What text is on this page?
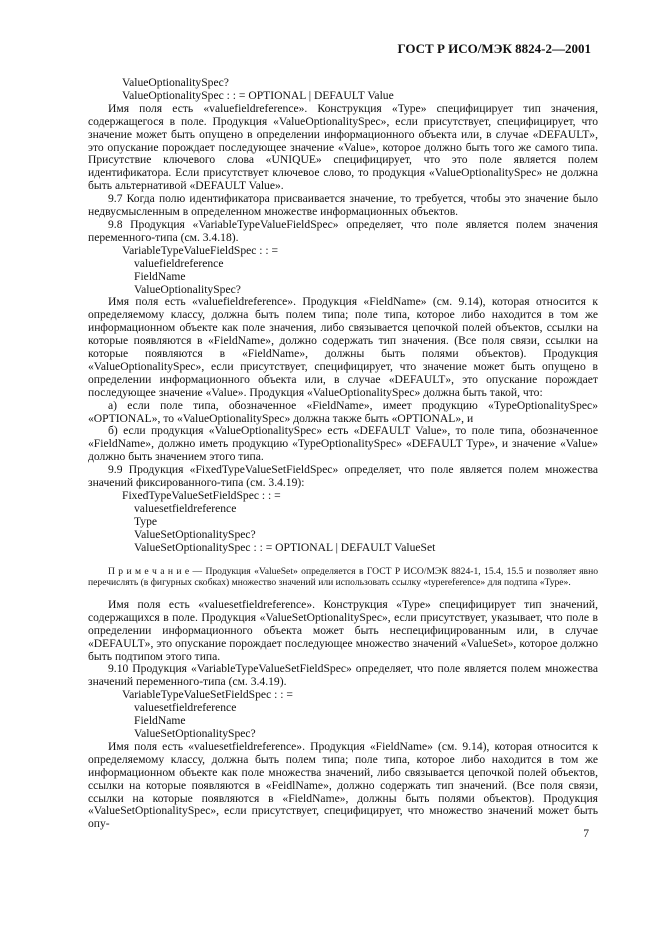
ГОСТ Р ИСО/МЭК 8824-2—2001

ValueOptionalitySpec?

ValueOptionalitySpec : : = OPTIONAL | DEFAULT Value

Имя поля есть «valuefieldreference». Конструкция «Type» специфицирует тип значения, содержащегося в поле. Продукция «ValueOptionalitySpec», если присутствует, специфицирует, что значение может быть опущено в определении информационного объекта или, в случае «DEFAULT», это опускание порождает последующее значение «Value», которое должно быть того же самого типа. Присутствие ключевого слова «UNIQUE» специфицирует, что это поле является полем идентификатора. Если присутствует ключевое слово, то продукция «ValueOptionalitySpec» не должна быть альтернативой «DEFAULT Value».

9.7 Когда полю идентификатора присваивается значение, то требуется, чтобы это значение было недвусмысленным в определенном множестве информационных объектов.

9.8 Продукция «VariableTypeValueFieldSpec» определяет, что поле является полем значения переменного-типа (см. 3.4.18).

VariableTypeValueFieldSpec : : =

valuefieldreference

FieldName

ValueOptionalitySpec?

Имя поля есть «valuefieldreference». Продукция «FieldName» (см. 9.14), которая относится к определяемому классу, должна быть полем типа; поле типа, которое либо находится в том же информационном объекте как поле значения, либо связывается цепочкой полей объектов, ссылки на которые появляются в «FieldName», должно содержать тип значения. (Все поля связи, ссылки на которые появляются в «FieldName», должны быть полями объектов). Продукция «ValueOptionalitySpec», если присутствует, специфицирует, что значение может быть опущено в определении информационного объекта или, в случае «DEFAULT», это опускание порождает последующее значение «Value». Продукция «ValueOptionalitySpec» должна быть такой, что:

а) если поле типа, обозначенное «FieldName», имеет продукцию «TypeOptionalitySpec» «OPTIONAL», то «ValueOptionalitySpec» должна также быть «OPTIONAL», и

б) если продукция «ValueOptionalitySpec» есть «DEFAULT Value», то поле типа, обозначенное «FieldName», должно иметь продукцию «TypeOptionalitySpec» «DEFAULT Type», и значение «Value» должно быть значением этого типа.

9.9 Продукция «FixedTypeValueSetFieldSpec» определяет, что поле является полем множества значений фиксированного-типа (см. 3.4.19):

FixedTypeValueSetFieldSpec : : =

valuesetfieldreference

Type

ValueSetOptionalitySpec?

ValueSetOptionalitySpec : : = OPTIONAL | DEFAULT ValueSet

П р и м е ч а н и е — Продукция «ValueSet» определяется в ГОСТ Р ИСО/МЭК 8824-1, 15.4, 15.5 и позволяет явно перечислять (в фигурных скобках) множество значений или использовать ссылку «typereference» для подтипа «Type».

Имя поля есть «valuesetfieldreference». Конструкция «Type» специфицирует тип значений, содержащихся в поле. Продукция «ValueSetOptionalitySpec», если присутствует, указывает, что поле в определении информационного объекта может быть неспецифицированным или, в случае «DEFAULT», это опускание порождает последующее множество значений «ValueSet», которое должно быть подтипом этого типа.

9.10 Продукция «VariableTypeValueSetFieldSpec» определяет, что поле является полем множества значений переменного-типа (см. 3.4.19).

VariableTypeValueSetFieldSpec : : =

valuesetfieldreference

FieldName

ValueSetOptionalitySpec?

Имя поля есть «valuesetfieldreference». Продукция «FieldName» (см. 9.14), которая относится к определяемому классу, должна быть полем типа; поле типа, которое либо находится в том же информационном объекте как поле множества значений, либо связывается цепочкой полей объектов, ссылки на которые появляются в «FeidlName», должно содержать тип значений. (Все поля связи, ссылки на которые появляются в «FieldName», должны быть полями объектов). Продукция «ValueSetOptionalitySpec», если присутствует, специфицирует, что множество значений может быть опу-

7
